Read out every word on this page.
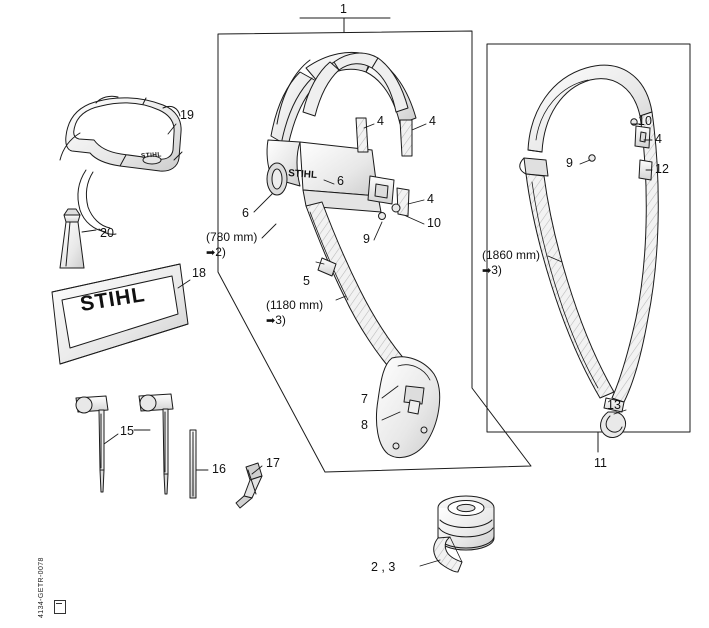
STIHL
1
11
19
20
18
15
16	17
6
6
4	4
4
10
9
5
7
8
10
4
12
9
13
2 , 3
(780 mm)
➡2)
(1180 mm)
➡3)
(1860 mm)
➡3)
STIHL
STIHL
4134-GETR-0078
